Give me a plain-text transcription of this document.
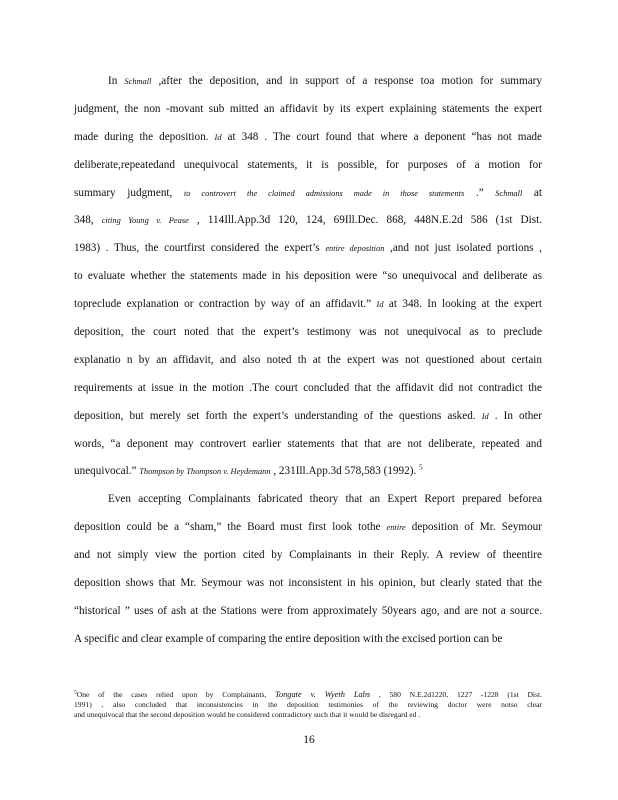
In Schmall ,after the deposition, and in support of a response toa motion for summary
judgment, the non -movant sub mitted an affidavit by its expert explaining statements the expert
made during the deposition. Id at 348 . The court found that where a deponent “has not made
deliberate,repeatedand unequivocal statements, it is possible, for purposes of a motion for
summary judgment, to controvert the claimed admissions made in those statements .” Schmall at
348, citing Young v. Pease , 114Ill.App.3d 120, 124, 69Ill.Dec. 868, 448N.E.2d 586 (1st Dist.
1983) . Thus, the courtfirst considered the expert’s entire deposition ,and not just isolated portions ,
to evaluate whether the statements made in his deposition were “so unequivocal and deliberate as
topreclude explanation or contraction by way of an affidavit.” Id at 348. In looking at the expert
deposition, the court noted that the expert’s testimony was not unequivocal as to preclude
explanatio n by an affidavit, and also noted th at the expert was not questioned about certain
requirements at issue in the motion .The court concluded that the affidavit did not contradict the
deposition, but merely set forth the expert’s understanding of the questions asked. Id . In other
words, “a deponent may controvert earlier statements that that are not deliberate, repeated and
unequivocal.” Thompson by Thompson v. Heydemann , 231Ill.App.3d 578,583 (1992). $^5$
Even accepting Complainants fabricated theory that an Expert Report prepared beforea
deposition could be a “sham,” the Board must first look tothe entire deposition of Mr. Seymour
and not simply view the portion cited by Complainants in their Reply. A review of theentire
deposition shows that Mr. Seymour was not inconsistent in his opinion, but clearly stated that the
“historical ” uses of ash at the Stations were from approximately 50years ago, and are not a source.
A specific and clear example of comparing the entire deposition with the excised portion can be
$^5$One of the cases relied upon by Complainants, Tongate v. Wyeth Labs , 580 N.E.2d1220, 1227 -1228 (1st Dist.
1991) , also concluded that inconsistencies in the deposition testimonies of the reviewing doctor were notso clear
and unequivocal that the second deposition would be considered contradictory such that it would be disregard ed .
16
